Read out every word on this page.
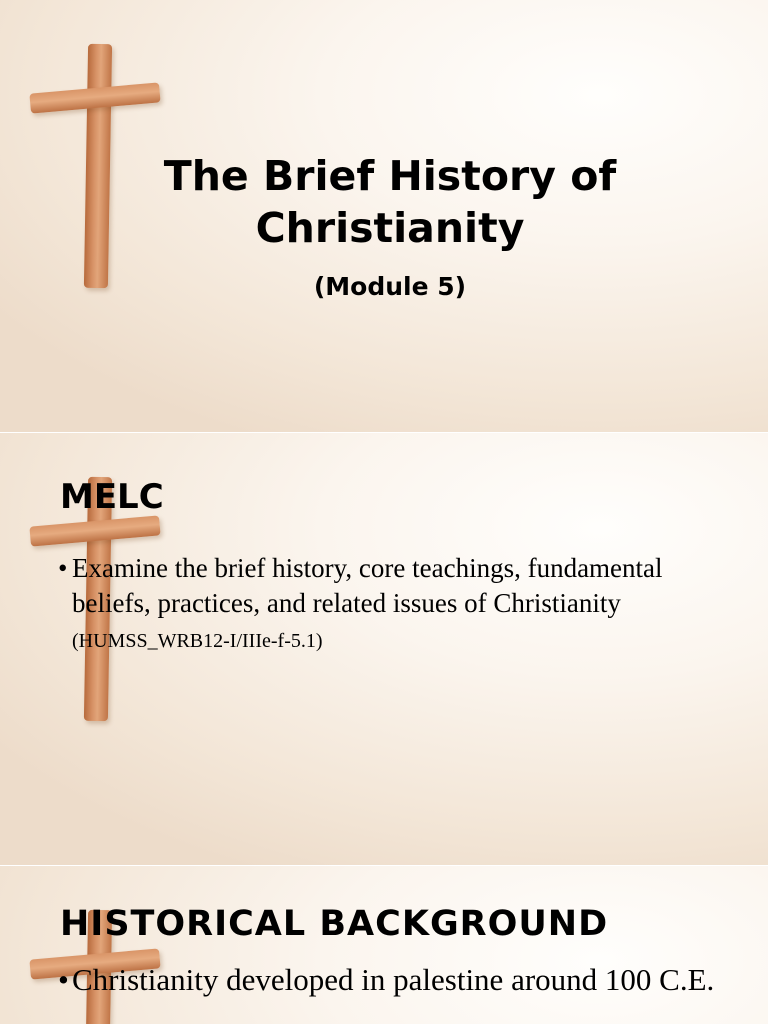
The Brief History of
Christianity
(Module 5)
MELC
• Examine the brief history, core teachings, fundamental beliefs, practices, and related issues of Christianity (HUMSS_WRB12-I/IIIe-f-5.1)
HISTORICAL BACKGROUND
• Christianity developed in palestine around 100 C.E.
